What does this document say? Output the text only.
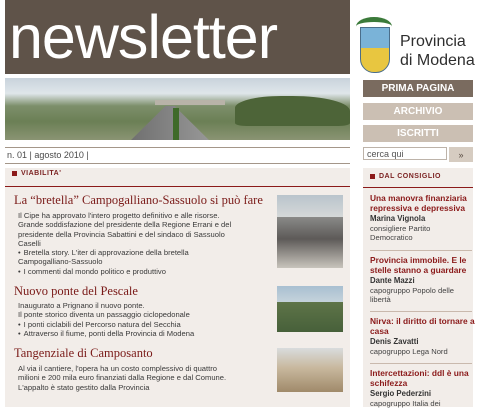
newsletter	Provincia
di Modena
PRIMA PAGINA
ARCHIVIO
ISCRITTI
n. 01 | agosto 2010 |
cerca qui	»
VIABILITA'
La “bretella” Campogalliano-Sassuolo si può fare
Il Cipe ha approvato l'intero progetto definitivo e alle risorse.
Grande soddisfazione del presidente della Regione Errani e del
presidente della Provincia Sabattini e del sindaco di Sassuolo
Caselli
• Bretella story. L'iter di approvazione della bretella
Campogalliano-Sassuolo
• I commenti dal mondo politico e produttivo
Nuovo ponte del Pescale
Inaugurato a Prignano il nuovo ponte.
Il ponte storico diventa un passaggio ciclopedonale
• I ponti ciclabili del Percorso natura del Secchia
• Attraverso il fiume, ponti della Provincia di Modena
Tangenziale di Camposanto
Al via il cantiere, l'opera ha un costo complessivo di quattro
milioni e 200 mila euro finanziati dalla Regione e dal Comune.
L'appalto è stato gestito dalla Provincia
DAL CONSIGLIO
Una manovra finanziaria
repressiva e depressiva
Marina Vignola
consigliere Partito
Democratico
Provincia immobile. E le
stelle stanno a guardare
Dante Mazzi
capogruppo Popolo delle
libertà
Nirva: il diritto di tornare a
casa
Denis Zavatti
capogruppo Lega Nord
Intercettazioni: ddl è una
schifezza
Sergio Pederzini
capogruppo Italia dei
